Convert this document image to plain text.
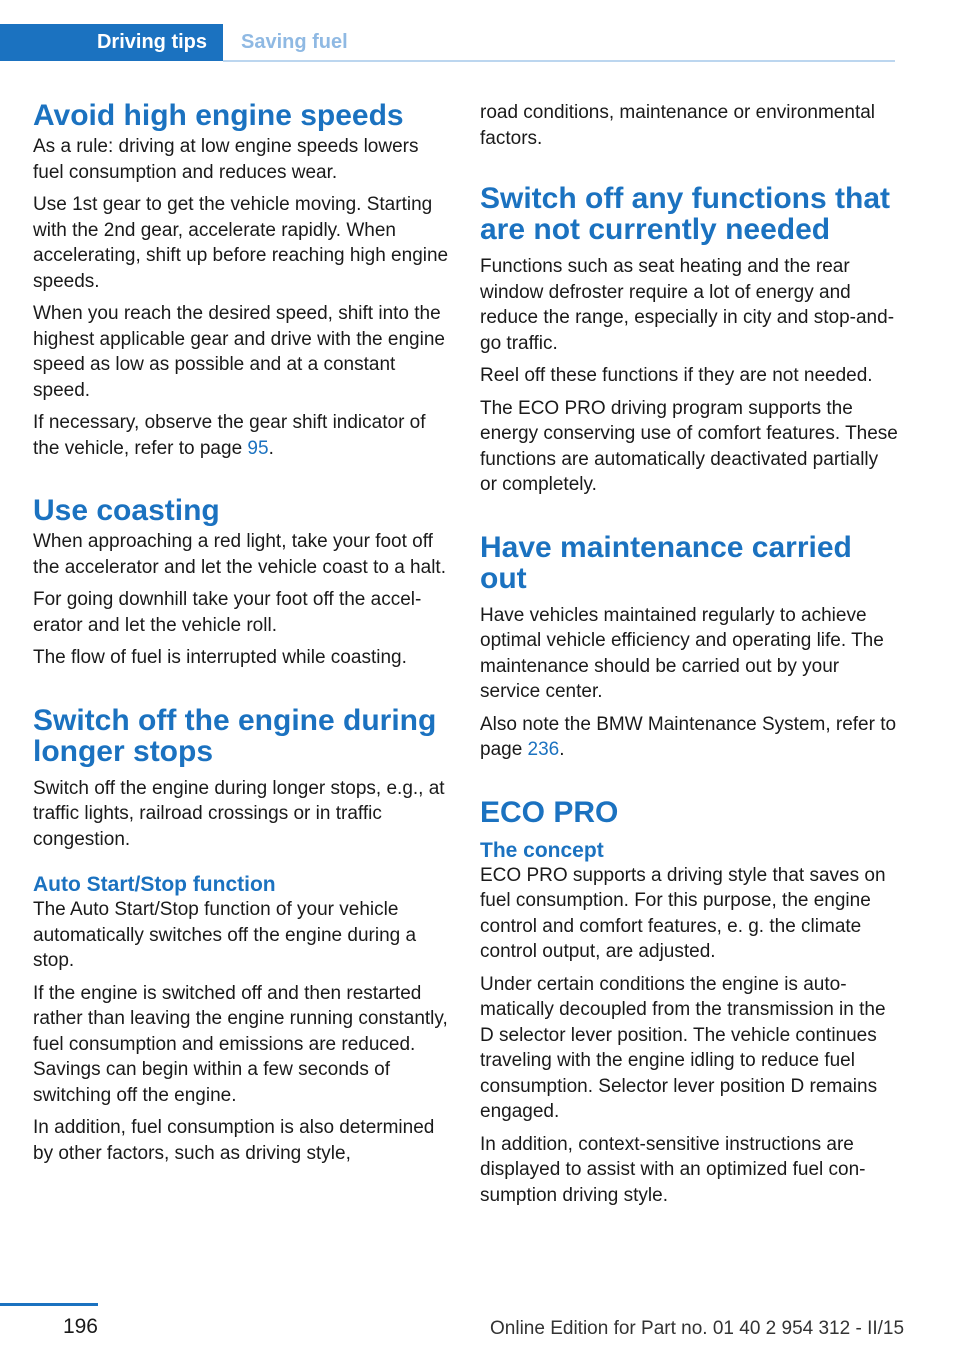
Driving tips	Saving fuel
Avoid high engine speeds

As a rule: driving at low engine speeds lowers fuel consumption and reduces wear.

Use 1st gear to get the vehicle moving. Starting with the 2nd gear, accelerate rapidly. When accelerating, shift up before reaching high engine speeds.

When you reach the desired speed, shift into the highest applicable gear and drive with the engine speed as low as possible and at a constant speed.

If necessary, observe the gear shift indicator of the vehicle, refer to page 95.

Use coasting

When approaching a red light, take your foot off the accelerator and let the vehicle coast to a halt.

For going downhill take your foot off the accelerator and let the vehicle roll.

The flow of fuel is interrupted while coasting.

Switch off the engine during longer stops

Switch off the engine during longer stops, e.g., at traffic lights, railroad crossings or in traffic congestion.

Auto Start/Stop function

The Auto Start/Stop function of your vehicle automatically switches off the engine during a stop.

If the engine is switched off and then restarted rather than leaving the engine running constantly, fuel consumption and emissions are reduced. Savings can begin within a few seconds of switching off the engine.

In addition, fuel consumption is also determined by other factors, such as driving style,

road conditions, maintenance or environmental factors.

Switch off any functions that are not currently needed

Functions such as seat heating and the rear window defroster require a lot of energy and reduce the range, especially in city and stop-and-go traffic.

Reel off these functions if they are not needed.

The ECO PRO driving program supports the energy conserving use of comfort features. These functions are automatically deactivated partially or completely.

Have maintenance carried out

Have vehicles maintained regularly to achieve optimal vehicle efficiency and operating life. The maintenance should be carried out by your service center.

Also note the BMW Maintenance System, refer to page 236.

ECO PRO
The concept

ECO PRO supports a driving style that saves on fuel consumption. For this purpose, the engine control and comfort features, e. g. the climate control output, are adjusted.

Under certain conditions the engine is automatically decoupled from the transmission in the D selector lever position. The vehicle continues traveling with the engine idling to reduce fuel consumption. Selector lever position D remains engaged.

In addition, context-sensitive instructions are displayed to assist with an optimized fuel consumption driving style.

196	Online Edition for Part no. 01 40 2 954 312 - II/15
